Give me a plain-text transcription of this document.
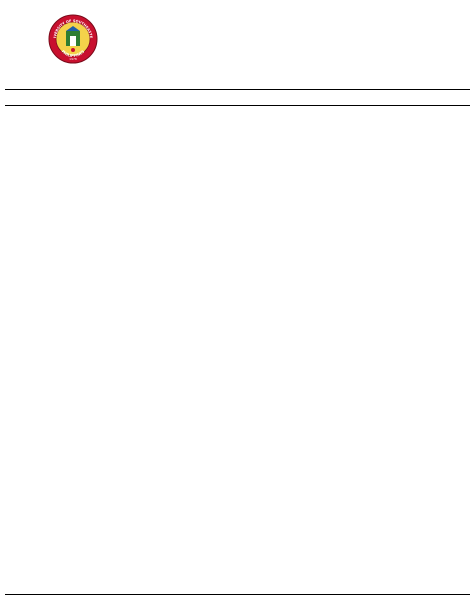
IVERSITY OF SOUTHEASTE
PHILIPPINES
1978
